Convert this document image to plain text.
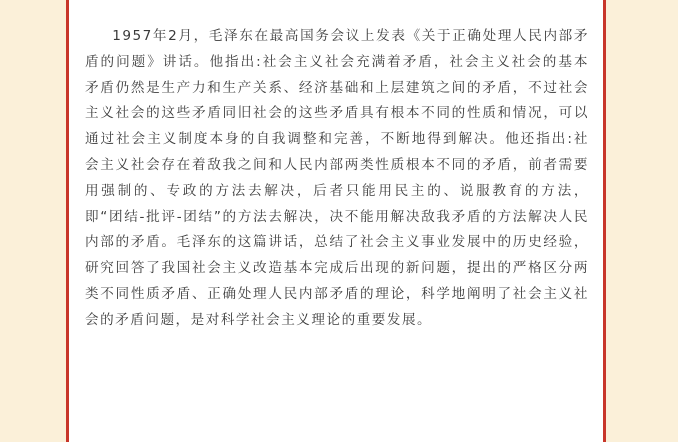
1957年2月，毛泽东在最高国务会议上发表《关于正确处理人民内部矛盾的问题》讲话。他指出:社会主义社会充满着矛盾，社会主义社会的基本矛盾仍然是生产力和生产关系、经济基础和上层建筑之间的矛盾，不过社会主义社会的这些矛盾同旧社会的这些矛盾具有根本不同的性质和情况，可以通过社会主义制度本身的自我调整和完善，不断地得到解决。他还指出:社会主义社会存在着敌我之间和人民内部两类性质根本不同的矛盾，前者需要用强制的、专政的方法去解决，后者只能用民主的、说服教育的方法，即“团结-批评-团结”的方法去解决，决不能用解决敌我矛盾的方法解决人民内部的矛盾。毛泽东的这篇讲话，总结了社会主义事业发展中的历史经验，研究回答了我国社会主义改造基本完成后出现的新问题，提出的严格区分两类不同性质矛盾、正确处理人民内部矛盾的理论，科学地阐明了社会主义社会的矛盾问题，是对科学社会主义理论的重要发展。
